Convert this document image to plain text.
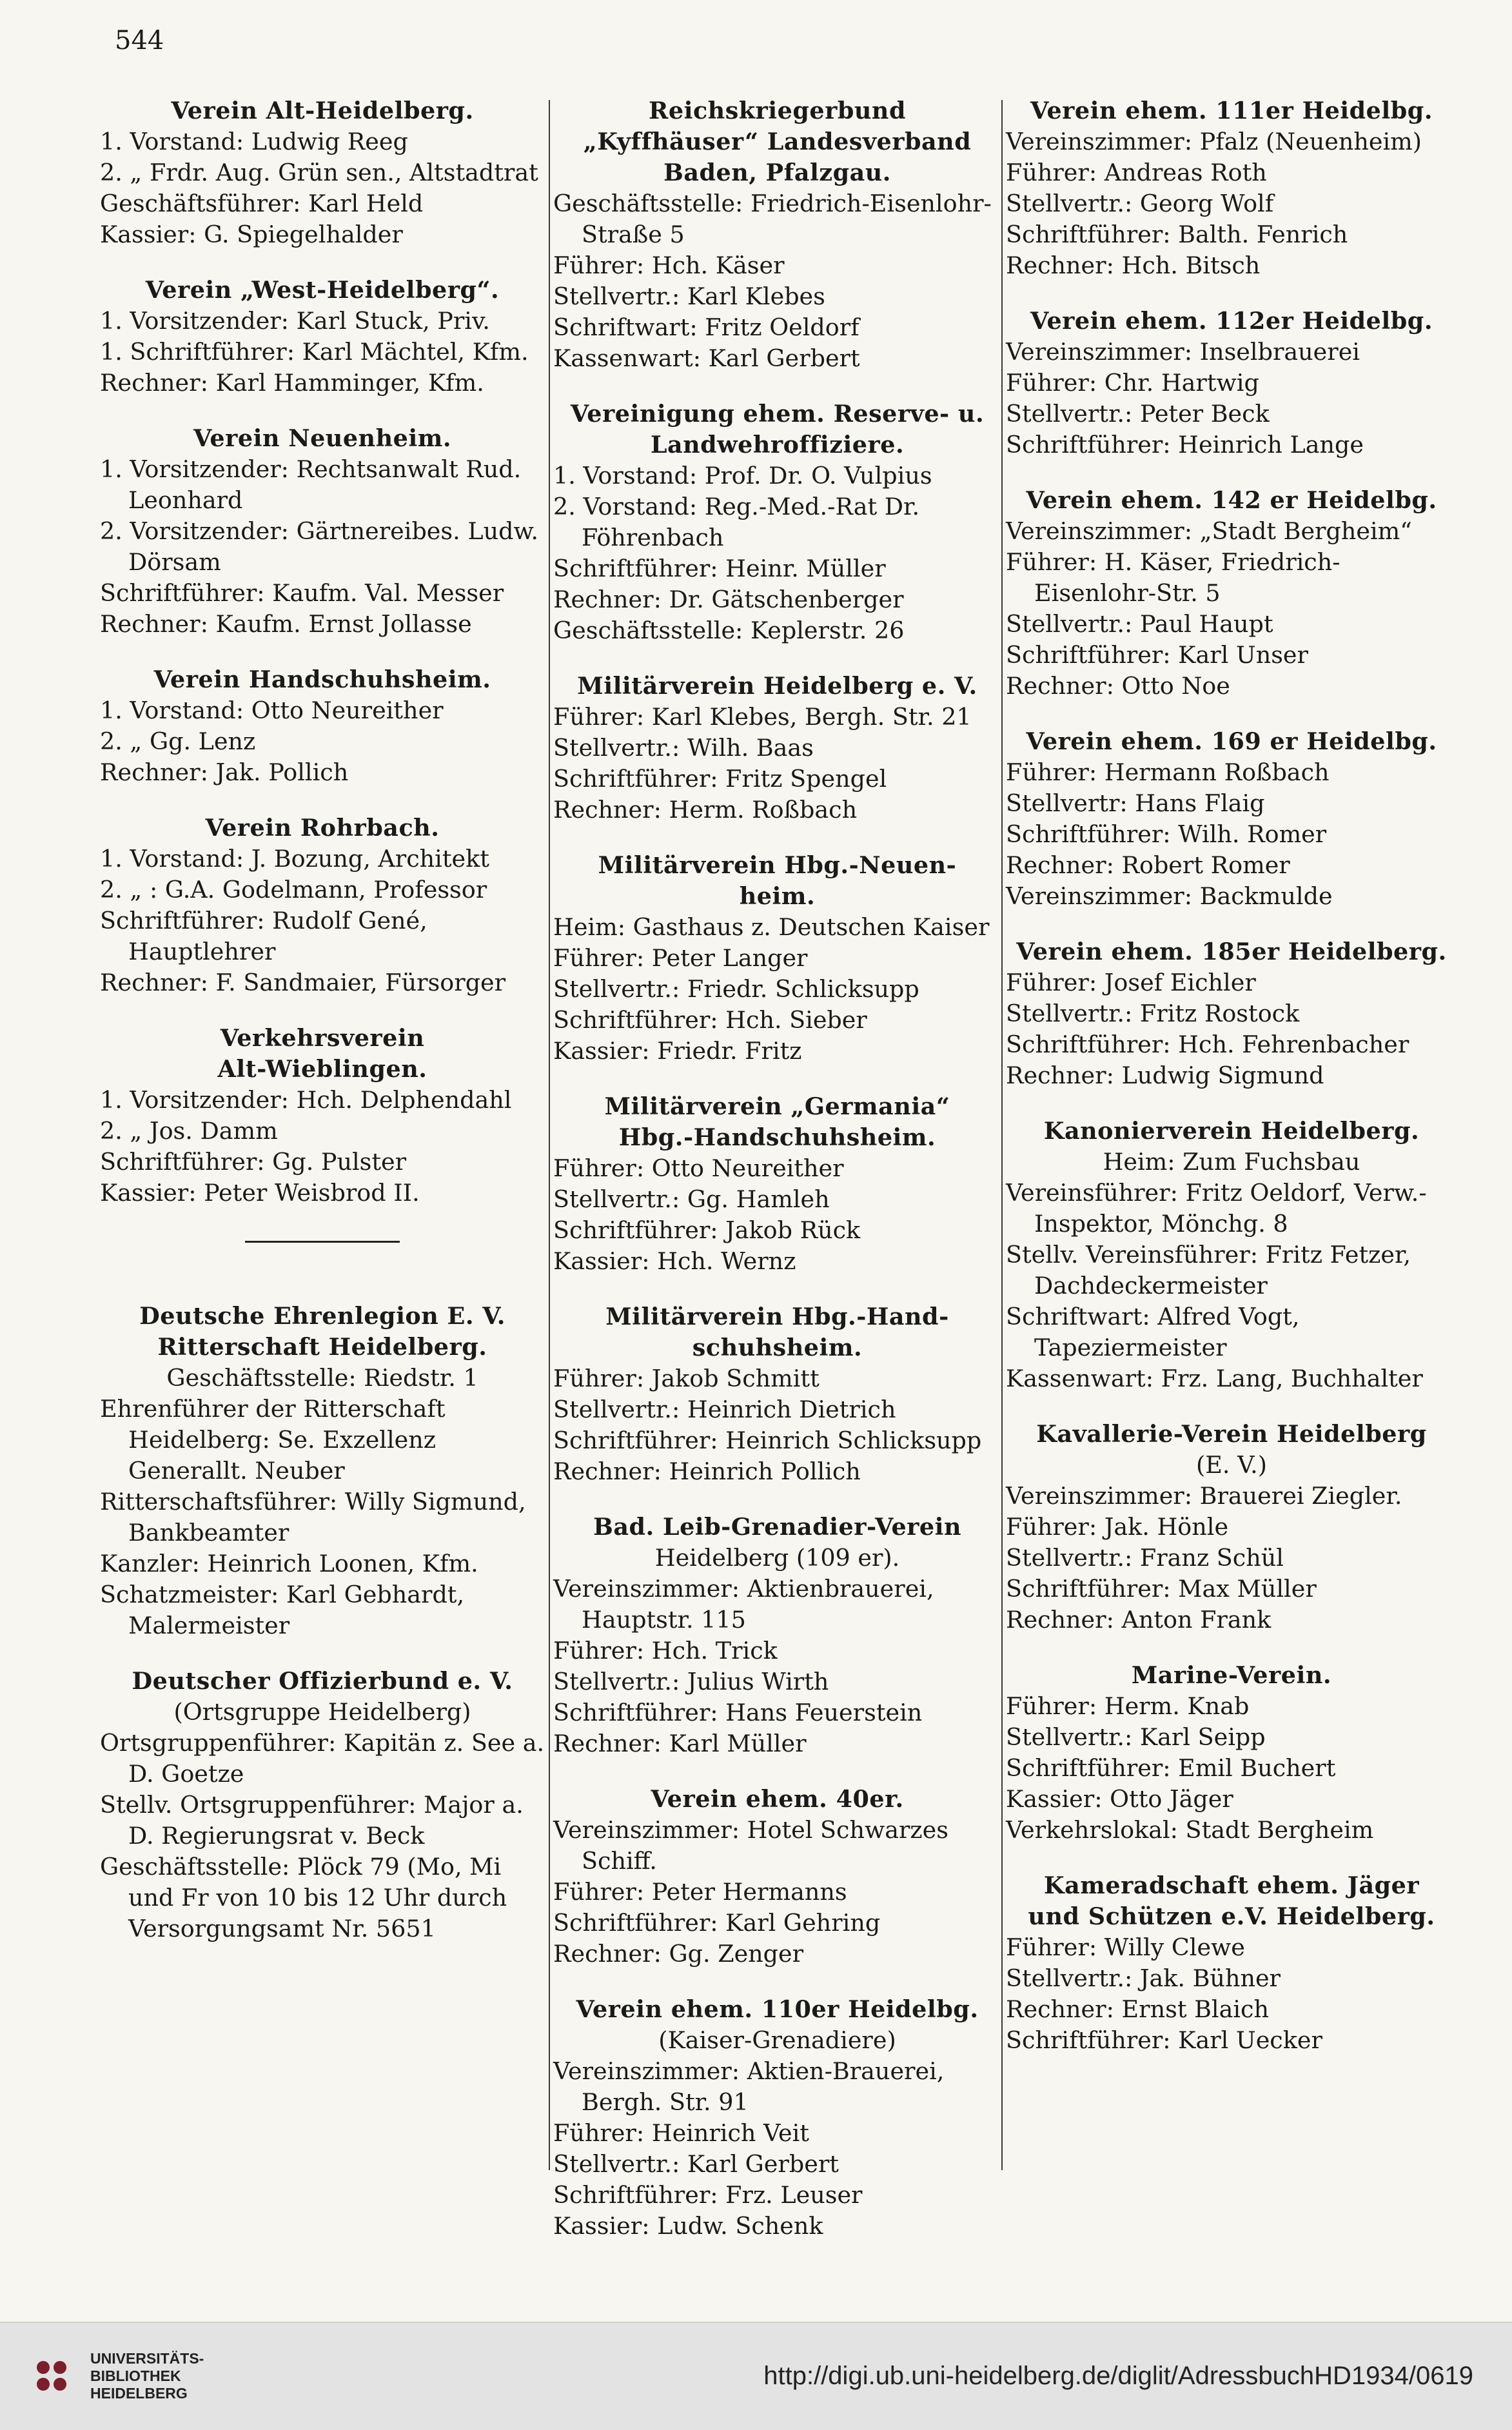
544
Verein Alt-Heidelberg.
1. Vorstand: Ludwig Reeg
2. „ Frdr. Aug. Grün sen., Altstadtrat
Geschäftsführer: Karl Held
Kassier: G. Spiegelhalder
Verein „West-Heidelberg“.
1. Vorsitzender: Karl Stuck, Priv.
1. Schriftführer: Karl Mächtel, Kfm.
Rechner: Karl Hamminger, Kfm.
Verein Neuenheim.
1. Vorsitzender: Rechtsanwalt Rud. Leonhard
2. Vorsitzender: Gärtnereibes. Ludw. Dörsam
Schriftführer: Kaufm. Val. Messer
Rechner: Kaufm. Ernst Jollasse
Verein Handschuhsheim.
1. Vorstand: Otto Neureither
2. „ Gg. Lenz
Rechner: Jak. Pollich
Verein Rohrbach.
1. Vorstand: J. Bozung, Architekt
2. „ : G.A. Godelmann, Professor
Schriftführer: Rudolf Gené, Hauptlehrer
Rechner: F. Sandmaier, Fürsorger
Verkehrsverein
Alt-Wieblingen.
1. Vorsitzender: Hch. Delphendahl
2. „ Jos. Damm
Schriftführer: Gg. Pulster
Kassier: Peter Weisbrod II.
Deutsche Ehrenlegion E. V.
Ritterschaft Heidelberg.
Geschäftsstelle: Riedstr. 1
Ehrenführer der Ritterschaft Heidelberg: Se. Exzellenz Generallt. Neuber
Ritterschaftsführer: Willy Sigmund, Bankbeamter
Kanzler: Heinrich Loonen, Kfm.
Schatzmeister: Karl Gebhardt, Malermeister
Deutscher Offizierbund e. V.
(Ortsgruppe Heidelberg)
Ortsgruppenführer: Kapitän z. See a. D. Goetze
Stellv. Ortsgruppenführer: Major a. D. Regierungsrat v. Beck
Geschäftsstelle: Plöck 79 (Mo, Mi und Fr von 10 bis 12 Uhr durch Versorgungsamt Nr. 5651
Reichskriegerbund
„Kyffhäuser“ Landesverband
Baden, Pfalzgau.
Geschäftsstelle: Friedrich-Eisenlohr-Straße 5
Führer: Hch. Käser
Stellvertr.: Karl Klebes
Schriftwart: Fritz Oeldorf
Kassenwart: Karl Gerbert
Vereinigung ehem. Reserve- u.
Landwehroffiziere.
1. Vorstand: Prof. Dr. O. Vulpius
2. Vorstand: Reg.-Med.-Rat Dr. Föhrenbach
Schriftführer: Heinr. Müller
Rechner: Dr. Gätschenberger
Geschäftsstelle: Keplerstr. 26
Militärverein Heidelberg e. V.
Führer: Karl Klebes, Bergh. Str. 21
Stellvertr.: Wilh. Baas
Schriftführer: Fritz Spengel
Rechner: Herm. Roßbach
Militärverein Hbg.-Neuen-
heim.
Heim: Gasthaus z. Deutschen Kaiser
Führer: Peter Langer
Stellvertr.: Friedr. Schlicksupp
Schriftführer: Hch. Sieber
Kassier: Friedr. Fritz
Militärverein „Germania“
Hbg.-Handschuhsheim.
Führer: Otto Neureither
Stellvertr.: Gg. Hamleh
Schriftführer: Jakob Rück
Kassier: Hch. Wernz
Militärverein Hbg.-Hand-
schuhsheim.
Führer: Jakob Schmitt
Stellvertr.: Heinrich Dietrich
Schriftführer: Heinrich Schlicksupp
Rechner: Heinrich Pollich
Bad. Leib-Grenadier-Verein
Heidelberg (109 er).
Vereinszimmer: Aktienbrauerei, Hauptstr. 115
Führer: Hch. Trick
Stellvertr.: Julius Wirth
Schriftführer: Hans Feuerstein
Rechner: Karl Müller
Verein ehem. 40er.
Vereinszimmer: Hotel Schwarzes Schiff.
Führer: Peter Hermanns
Schriftführer: Karl Gehring
Rechner: Gg. Zenger
Verein ehem. 110er Heidelbg.
(Kaiser-Grenadiere)
Vereinszimmer: Aktien-Brauerei, Bergh. Str. 91
Führer: Heinrich Veit
Stellvertr.: Karl Gerbert
Schriftführer: Frz. Leuser
Kassier: Ludw. Schenk
Verein ehem. 111er Heidelbg.
Vereinszimmer: Pfalz (Neuenheim)
Führer: Andreas Roth
Stellvertr.: Georg Wolf
Schriftführer: Balth. Fenrich
Rechner: Hch. Bitsch
Verein ehem. 112er Heidelbg.
Vereinszimmer: Inselbrauerei
Führer: Chr. Hartwig
Stellvertr.: Peter Beck
Schriftführer: Heinrich Lange
Verein ehem. 142 er Heidelbg.
Vereinszimmer: „Stadt Bergheim“
Führer: H. Käser, Friedrich-Eisenlohr-Str. 5
Stellvertr.: Paul Haupt
Schriftführer: Karl Unser
Rechner: Otto Noe
Verein ehem. 169 er Heidelbg.
Führer: Hermann Roßbach
Stellvertr: Hans Flaig
Schriftführer: Wilh. Romer
Rechner: Robert Romer
Vereinszimmer: Backmulde
Verein ehem. 185er Heidelberg.
Führer: Josef Eichler
Stellvertr.: Fritz Rostock
Schriftführer: Hch. Fehrenbacher
Rechner: Ludwig Sigmund
Kanonierverein Heidelberg.
Heim: Zum Fuchsbau
Vereinsführer: Fritz Oeldorf, Verw.-Inspektor, Mönchg. 8
Stellv. Vereinsführer: Fritz Fetzer, Dachdeckermeister
Schriftwart: Alfred Vogt, Tapeziermeister
Kassenwart: Frz. Lang, Buchhalter
Kavallerie-Verein Heidelberg
(E. V.)
Vereinszimmer: Brauerei Ziegler.
Führer: Jak. Hönle
Stellvertr.: Franz Schül
Schriftführer: Max Müller
Rechner: Anton Frank
Marine-Verein.
Führer: Herm. Knab
Stellvertr.: Karl Seipp
Schriftführer: Emil Buchert
Kassier: Otto Jäger
Verkehrslokal: Stadt Bergheim
Kameradschaft ehem. Jäger
und Schützen e.V. Heidelberg.
Führer: Willy Clewe
Stellvertr.: Jak. Bühner
Rechner: Ernst Blaich
Schriftführer: Karl Uecker
UNIVERSITÄTS-
BIBLIOTHEK
HEIDELBERG
http://digi.ub.uni-heidelberg.de/diglit/AdressbuchHD1934/0619
